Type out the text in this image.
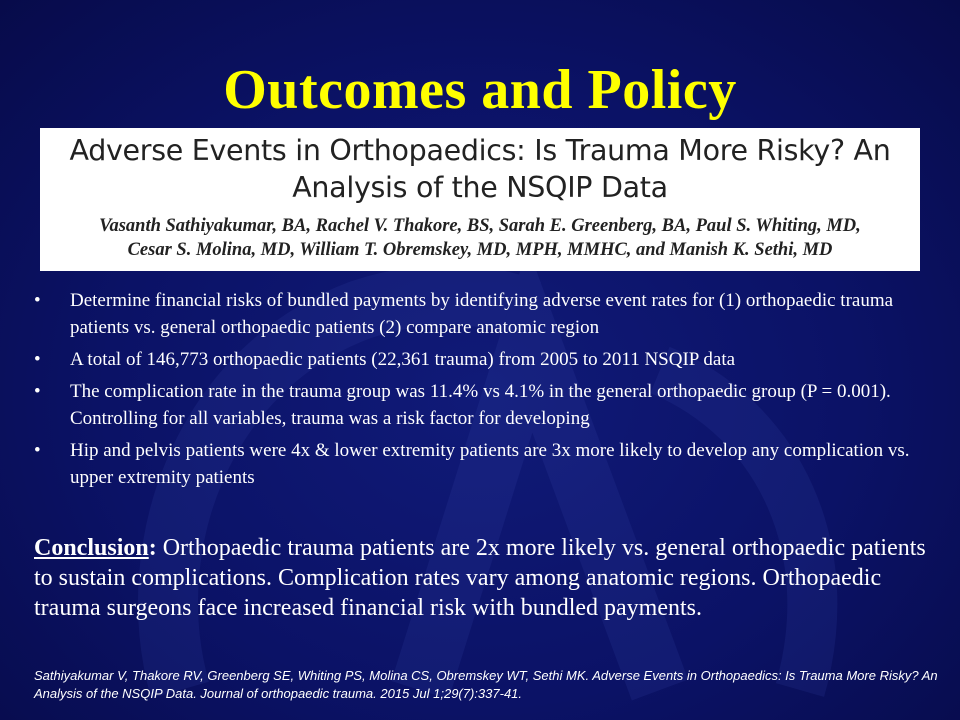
Outcomes and Policy
Adverse Events in Orthopaedics: Is Trauma More Risky? An
Analysis of the NSQIP Data
Vasanth Sathiyakumar, BA, Rachel V. Thakore, BS, Sarah E. Greenberg, BA, Paul S. Whiting, MD,
Cesar S. Molina, MD, William T. Obremskey, MD, MPH, MMHC, and Manish K. Sethi, MD
• Determine financial risks of bundled payments by identifying adverse event rates for (1) orthopaedic trauma patients vs. general orthopaedic patients (2) compare anatomic region
• A total of 146,773 orthopaedic patients (22,361 trauma) from 2005 to 2011 NSQIP data
• The complication rate in the trauma group was 11.4% vs 4.1% in the general orthopaedic group (P = 0.001). Controlling for all variables, trauma was a risk factor for developing
• Hip and pelvis patients were 4x & lower extremity patients are 3x more likely to develop any complication vs. upper extremity patients
Conclusion: Orthopaedic trauma patients are 2x more likely vs. general orthopaedic patients to sustain complications. Complication rates vary among anatomic regions. Orthopaedic trauma surgeons face increased financial risk with bundled payments.
Sathiyakumar V, Thakore RV, Greenberg SE, Whiting PS, Molina CS, Obremskey WT, Sethi MK. Adverse Events in Orthopaedics: Is Trauma More Risky? An Analysis of the NSQIP Data. Journal of orthopaedic trauma. 2015 Jul 1;29(7):337-41.
